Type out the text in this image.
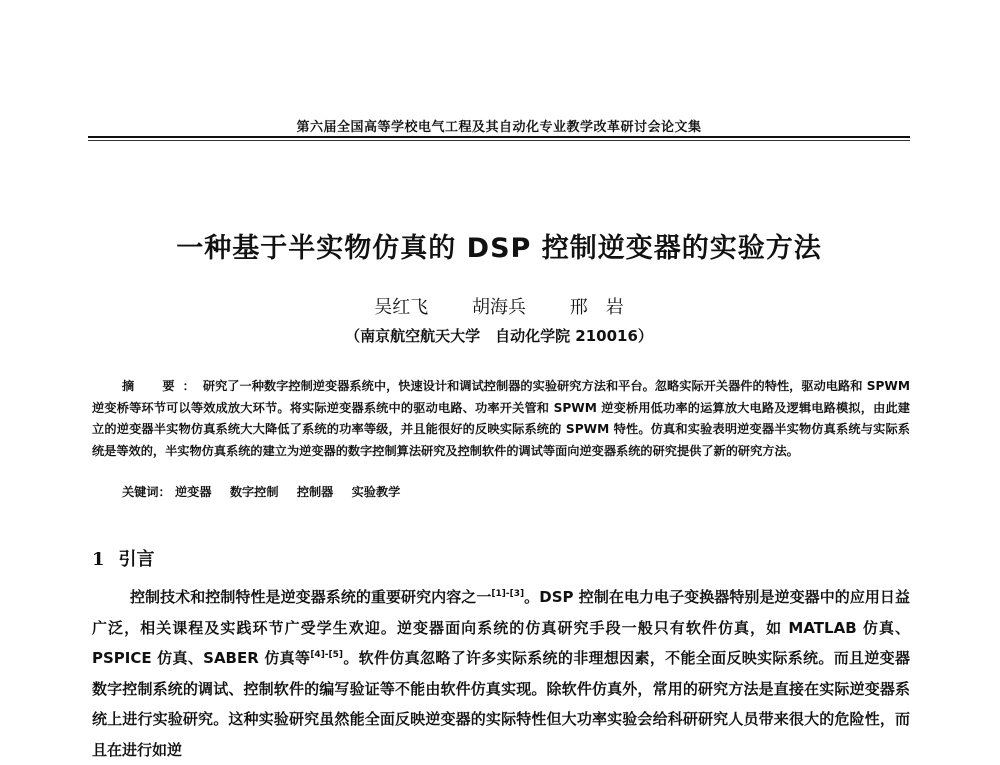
第六届全国高等学校电气工程及其自动化专业教学改革研讨会论文集
一种基于半实物仿真的 DSP 控制逆变器的实验方法
吴红飞 胡海兵 邢　岩
（南京航空航天大学　自动化学院 210016）
摘　要：研究了一种数字控制逆变器系统中，快速设计和调试控制器的实验研究方法和平台。忽略实际开关器件的特性，驱动电路和 SPWM 逆变桥等环节可以等效成放大环节。将实际逆变器系统中的驱动电路、功率开关管和 SPWM 逆变桥用低功率的运算放大电路及逻辑电路模拟，由此建立的逆变器半实物仿真系统大大降低了系统的功率等级，并且能很好的反映实际系统的 SPWM 特性。仿真和实验表明逆变器半实物仿真系统与实际系统是等效的，半实物仿真系统的建立为逆变器的数字控制算法研究及控制软件的调试等面向逆变器系统的研究提供了新的研究方法。
关键词： 逆变器 数字控制 控制器 实验教学
1 引言
控制技术和控制特性是逆变器系统的重要研究内容之一[1]-[3]。DSP 控制在电力电子变换器特别是逆变器中的应用日益广泛，相关课程及实践环节广受学生欢迎。逆变器面向系统的仿真研究手段一般只有软件仿真，如 MATLAB 仿真、PSPICE 仿真、SABER 仿真等[4]-[5]。软件仿真忽略了许多实际系统的非理想因素，不能全面反映实际系统。而且逆变器数字控制系统的调试、控制软件的编写验证等不能由软件仿真实现。除软件仿真外，常用的研究方法是直接在实际逆变器系统上进行实验研究。这种实验研究虽然能全面反映逆变器的实际特性但大功率实验会给科研研究人员带来很大的危险性，而且在进行如逆
